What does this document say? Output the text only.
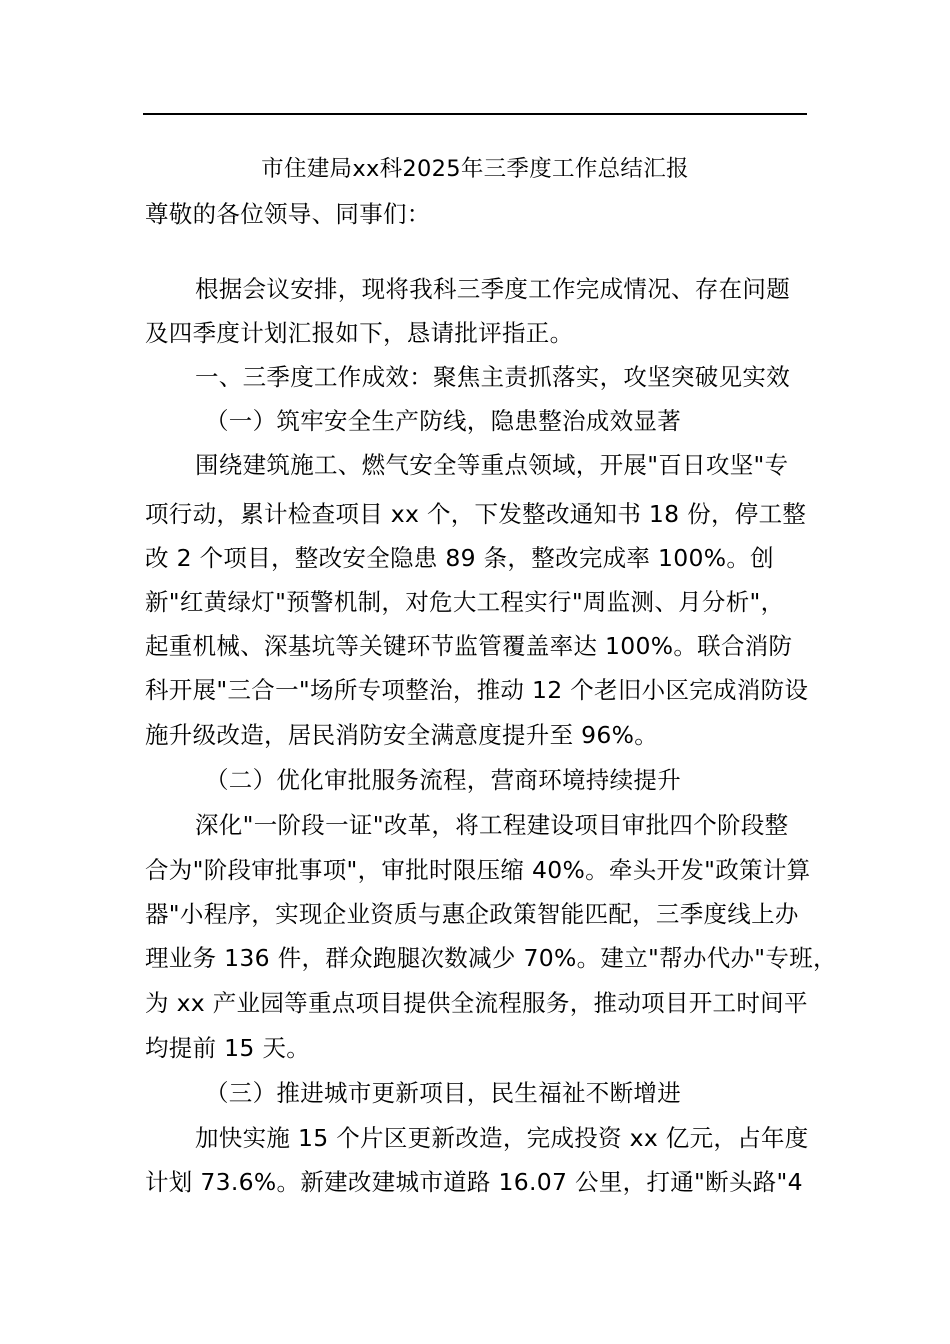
市住建局xx科2025年三季度工作总结汇报
尊敬的各位领导、同事们：
根据会议安排，现将我科三季度工作完成情况、存在问题
及四季度计划汇报如下，恳请批评指正。
一、三季度工作成效：聚焦主责抓落实，攻坚突破见实效
（一）筑牢安全生产防线，隐患整治成效显著
围绕建筑施工、燃气安全等重点领域，开展"百日攻坚"专
项行动，累计检查项目 xx 个，下发整改通知书 18 份，停工整
改 2 个项目，整改安全隐患 89 条，整改完成率 100%。创
新"红黄绿灯"预警机制，对危大工程实行"周监测、月分析"，
起重机械、深基坑等关键环节监管覆盖率达 100%。联合消防
科开展"三合一"场所专项整治，推动 12 个老旧小区完成消防设
施升级改造，居民消防安全满意度提升至 96%。
（二）优化审批服务流程，营商环境持续提升
深化"一阶段一证"改革，将工程建设项目审批四个阶段整
合为"阶段审批事项"，审批时限压缩 40%。牵头开发"政策计算
器"小程序，实现企业资质与惠企政策智能匹配，三季度线上办
理业务 136 件，群众跑腿次数减少 70%。建立"帮办代办"专班，
为 xx 产业园等重点项目提供全流程服务，推动项目开工时间平
均提前 15 天。
（三）推进城市更新项目，民生福祉不断增进
加快实施 15 个片区更新改造，完成投资 xx 亿元，占年度
计划 73.6%。新建改建城市道路 16.07 公里，打通"断头路"4
